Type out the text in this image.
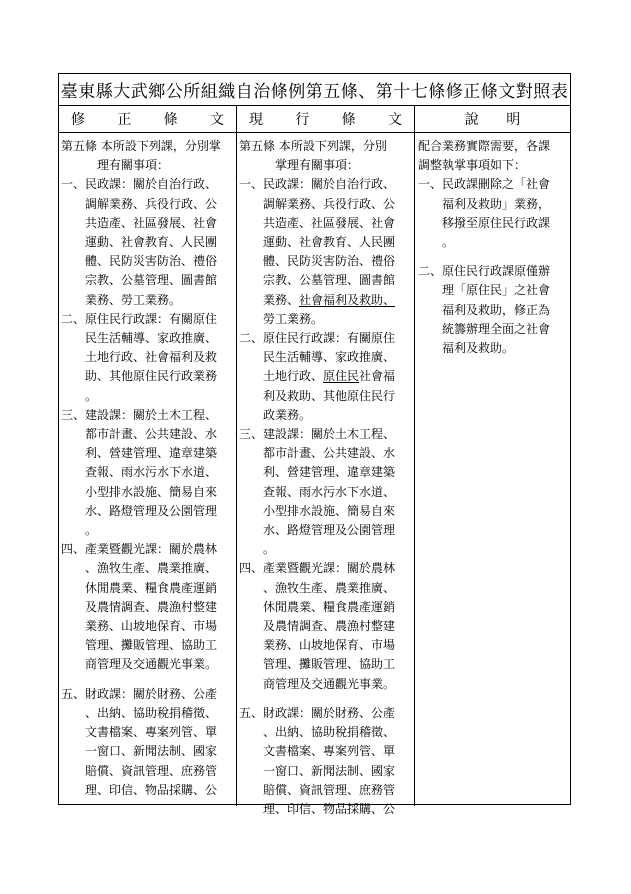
臺東縣大武鄉公所組織自治條例第五條、第十七條修正條文對照表
修 正 條 文 現 行 條 文	說 明
第五條 本所設下列課，分別掌
　　　理有關事項：
一、民政課：關於自治行政、
　　調解業務、兵役行政、公
　　共造產、社區發展、社會
　　運動、社會教育、人民團
　　體、民防災害防治、禮俗
　　宗教、公墓管理、圖書館
　　業務、勞工業務。
二、原住民行政課：有關原住
　　民生活輔導、家政推廣、
　　土地行政、社會福利及救
　　助、其他原住民行政業務
　　。
三、建設課：關於土木工程、
　　都市計畫、公共建設、水
　　利、營建管理、違章建築
　　查報、雨水污水下水道、
　　小型排水設施、簡易自來
　　水、路燈管理及公園管理
　　。
四、產業暨觀光課：關於農林
　　、漁牧生產、農業推廣、
　　休閒農業、糧食農產運銷
　　及農情調查、農漁村整建
　　業務、山坡地保育、市場
　　管理、攤販管理、協助工
　　商管理及交通觀光事業。
五、財政課：關於財務、公產
　　、出納、協助稅捐稽徵、
　　文書檔案、專案列管、單
　　一窗口、新聞法制、國家
　　賠償、資訊管理、庶務管
　　理、印信、物品採購、公
第五條 本所設下列課，分別
　　　掌理有關事項：
一、民政課：關於自治行政、
　　調解業務、兵役行政、公
　　共造產、社區發展、社會
　　運動、社會教育、人民團
　　體、民防災害防治、禮俗
　　宗教、公墓管理、圖書館
　　業務、社會福利及救助、
　　勞工業務。
二、原住民行政課：有關原住
　　民生活輔導、家政推廣、
　　土地行政、原住民社會福
　　利及救助、其他原住民行
　　政業務。
三、建設課：關於土木工程、
　　都市計畫、公共建設、水
　　利、營建管理、違章建築
　　查報、雨水污水下水道、
　　小型排水設施、簡易自來
　　水、路燈管理及公園管理
　　。
四、產業暨觀光課：關於農林
　　、漁牧生產、農業推廣、
　　休閒農業、糧食農產運銷
　　及農情調查、農漁村整建
　　業務、山坡地保育、市場
　　管理、攤販管理、協助工
　　商管理及交通觀光事業。
五、財政課：關於財務、公產
　　、出納、協助稅捐稽徵、
　　文書檔案、專案列管、單
　　一窗口、新聞法制、國家
　　賠償、資訊管理、庶務管
　　理、印信、物品採購、公
配合業務實際需要，各課
調整執掌事項如下：
一、民政課刪除之「社會
　　福利及救助」業務，
　　移撥至原住民行政課
　　。
二、原住民行政課原僅辦
　　理「原住民」之社會
　　福利及救助，修正為
　　統籌辦理全面之社會
　　福利及救助。
